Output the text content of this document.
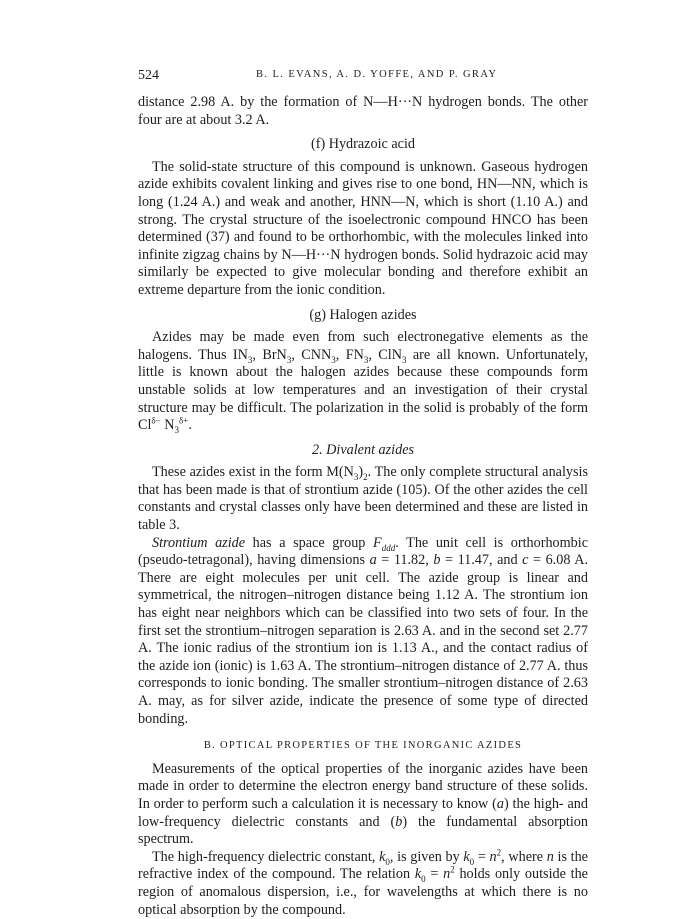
524	B. L. EVANS, A. D. YOFFE, AND P. GRAY

distance 2.98 A. by the formation of N—H···N hydrogen bonds. The other four are at about 3.2 A.

(f) Hydrazoic acid

The solid-state structure of this compound is unknown. Gaseous hydrogen azide exhibits covalent linking and gives rise to one bond, HN—NN, which is long (1.24 A.) and weak and another, HNN—N, which is short (1.10 A.) and strong. The crystal structure of the isoelectronic compound HNCO has been determined (37) and found to be orthorhombic, with the molecules linked into infinite zigzag chains by N—H···N hydrogen bonds. Solid hydrazoic acid may similarly be expected to give molecular bonding and therefore exhibit an extreme departure from the ionic condition.

(g) Halogen azides

Azides may be made even from such electronegative elements as the halogens. Thus $IN_3$, BrN$_3$, $CNN_3$, $FN_3$, ClN$_3$ are all known. Unfortunately, little is known about the halogen azides because these compounds form unstable solids at low temperatures and an investigation of their crystal structure may be difficult. The polarization in the solid is probably of the form $Cl^{\delta-}$ $N_3^{\delta+}$.

2. Divalent azides

These azides exist in the form $M(N_3)_2$. The only complete structural analysis that has been made is that of strontium azide (105). Of the other azides the cell constants and crystal classes only have been determined and these are listed in table 3.

Strontium azide has a space group $F_{ddd}$. The unit cell is orthorhombic (pseudo-tetragonal), having dimensions a = 11.82, b = 11.47, and c = 6.08 A. There are eight molecules per unit cell. The azide group is linear and symmetrical, the nitrogen–nitrogen distance being 1.12 A. The strontium ion has eight near neighbors which can be classified into two sets of four. In the first set the strontium–nitrogen separation is 2.63 A. and in the second set 2.77 A. The ionic radius of the strontium ion is 1.13 A., and the contact radius of the azide ion (ionic) is 1.63 A. The strontium–nitrogen distance of 2.77 A. thus corresponds to ionic bonding. The smaller strontium–nitrogen distance of 2.63 A. may, as for silver azide, indicate the presence of some type of directed bonding.

B. OPTICAL PROPERTIES OF THE INORGANIC AZIDES

Measurements of the optical properties of the inorganic azides have been made in order to determine the electron energy band structure of these solids. In order to perform such a calculation it is necessary to know (a) the high- and low-frequency dielectric constants and (b) the fundamental absorption spectrum.

The high-frequency dielectric constant, $k_0$, is given by $k_0 = n^2$, where n is the refractive index of the compound. The relation $k_0 = n^2$ holds only outside the region of anomalous dispersion, i.e., for wavelengths at which there is no optical absorption by the compound.
